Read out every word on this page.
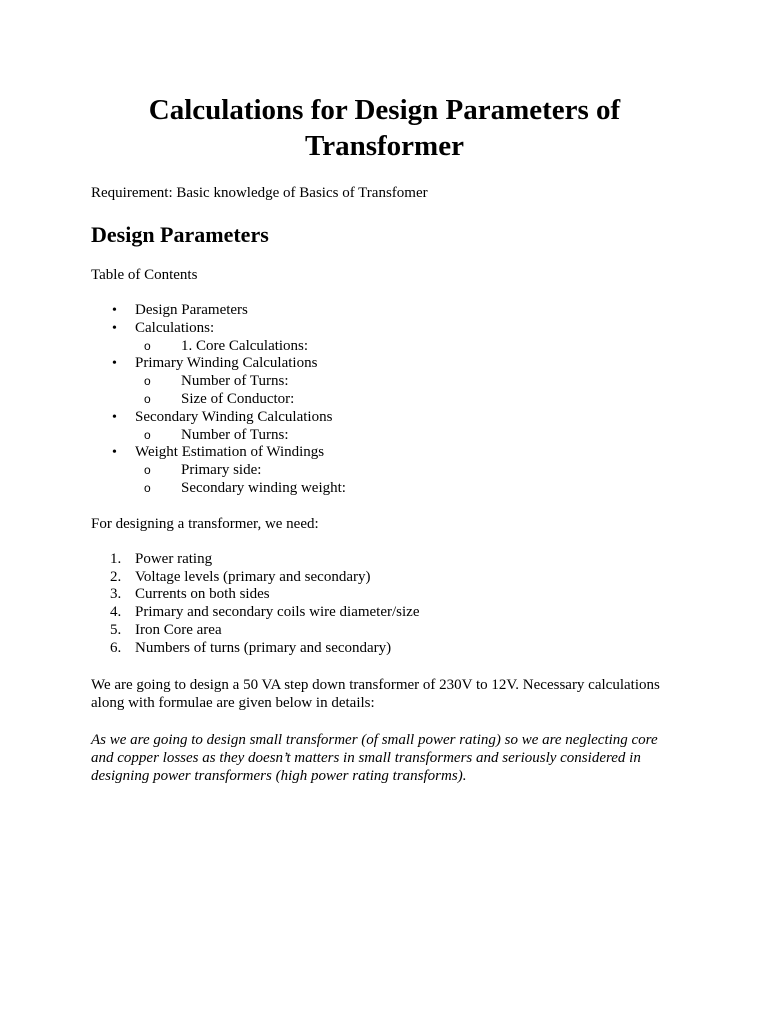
Calculations for Design Parameters of
Transformer

Requirement: Basic knowledge of Basics of Transfomer

Design Parameters

Table of Contents

• Design Parameters
• Calculations:
o 1. Core Calculations:
• Primary Winding Calculations
o Number of Turns:
o Size of Conductor:
• Secondary Winding Calculations
o Number of Turns:
• Weight Estimation of Windings
o Primary side:
o Secondary winding weight:

For designing a transformer, we need:

1. Power rating
2. Voltage levels (primary and secondary)
3. Currents on both sides
4. Primary and secondary coils wire diameter/size
5. Iron Core area
6. Numbers of turns (primary and secondary)

We are going to design a 50 VA step down transformer of 230V to 12V. Necessary calculations
along with formulae are given below in details:

As we are going to design small transformer (of small power rating) so we are neglecting core
and copper losses as they doesn’t matters in small transformers and seriously considered in
designing power transformers (high power rating transforms).
